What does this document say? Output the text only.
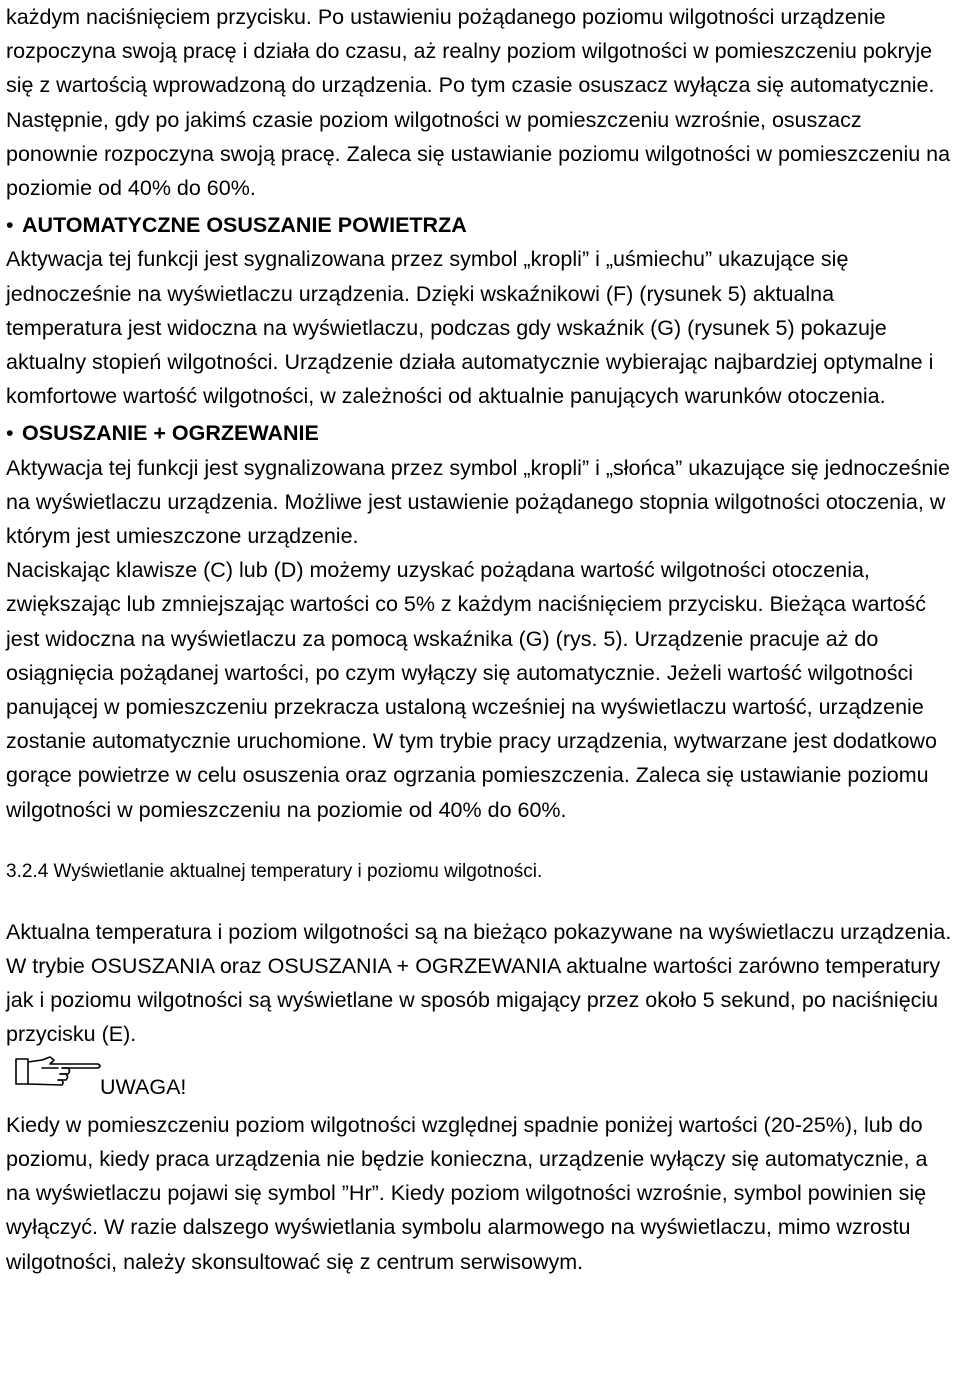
każdym naciśnięciem przycisku. Po ustawieniu pożądanego poziomu wilgotności urządzenie rozpoczyna swoją pracę i działa do czasu, aż realny poziom wilgotności w pomieszczeniu pokryje się z wartością wprowadzoną do urządzenia. Po tym czasie osuszacz wyłącza się automatycznie. Następnie, gdy po jakimś czasie poziom wilgotności w pomieszczeniu wzrośnie, osuszacz ponownie rozpoczyna swoją pracę. Zaleca się ustawianie poziomu wilgotności w pomieszczeniu na poziomie od 40% do 60%.

• AUTOMATYCZNE OSUSZANIE POWIETRZA

Aktywacja tej funkcji jest sygnalizowana przez symbol „kropli” i „uśmiechu” ukazujące się jednocześnie na wyświetlaczu urządzenia. Dzięki wskaźnikowi (F) (rysunek 5) aktualna temperatura jest widoczna na wyświetlaczu, podczas gdy wskaźnik (G) (rysunek 5) pokazuje aktualny stopień wilgotności. Urządzenie działa automatycznie wybierając najbardziej optymalne i komfortowe wartość wilgotności, w zależności od aktualnie panujących warunków otoczenia.

• OSUSZANIE + OGRZEWANIE

Aktywacja tej funkcji jest sygnalizowana przez symbol „kropli” i „słońca” ukazujące się jednocześnie na wyświetlaczu urządzenia. Możliwe jest ustawienie pożądanego stopnia wilgotności otoczenia, w którym jest umieszczone urządzenie.

Naciskając klawisze (C) lub (D) możemy uzyskać pożądana wartość wilgotności otoczenia, zwiększając lub zmniejszając wartości co 5% z każdym naciśnięciem przycisku. Bieżąca wartość jest widoczna na wyświetlaczu za pomocą wskaźnika (G) (rys. 5). Urządzenie pracuje aż do osiągnięcia pożądanej wartości, po czym wyłączy się automatycznie. Jeżeli wartość wilgotności panującej w pomieszczeniu przekracza ustaloną wcześniej na wyświetlaczu wartość, urządzenie zostanie automatycznie uruchomione. W tym trybie pracy urządzenia, wytwarzane jest dodatkowo gorące powietrze w celu osuszenia oraz ogrzania pomieszczenia. Zaleca się ustawianie poziomu wilgotności w pomieszczeniu na poziomie od 40% do 60%.

3.2.4 Wyświetlanie aktualnej temperatury i poziomu wilgotności.

Aktualna temperatura i poziom wilgotności są na bieżąco pokazywane na wyświetlaczu urządzenia. W trybie OSUSZANIA oraz OSUSZANIA + OGRZEWANIA aktualne wartości zarówno temperatury jak i poziomu wilgotności są wyświetlane w sposób migający przez około 5 sekund, po naciśnięciu przycisku (E).

UWAGA!

Kiedy w pomieszczeniu poziom wilgotności względnej spadnie poniżej wartości (20-25%), lub do poziomu, kiedy praca urządzenia nie będzie konieczna, urządzenie wyłączy się automatycznie, a na wyświetlaczu pojawi się symbol ”Hr”. Kiedy poziom wilgotności wzrośnie, symbol powinien się wyłączyć. W razie dalszego wyświetlania symbolu alarmowego na wyświetlaczu, mimo wzrostu wilgotności, należy skonsultować się z centrum serwisowym.
